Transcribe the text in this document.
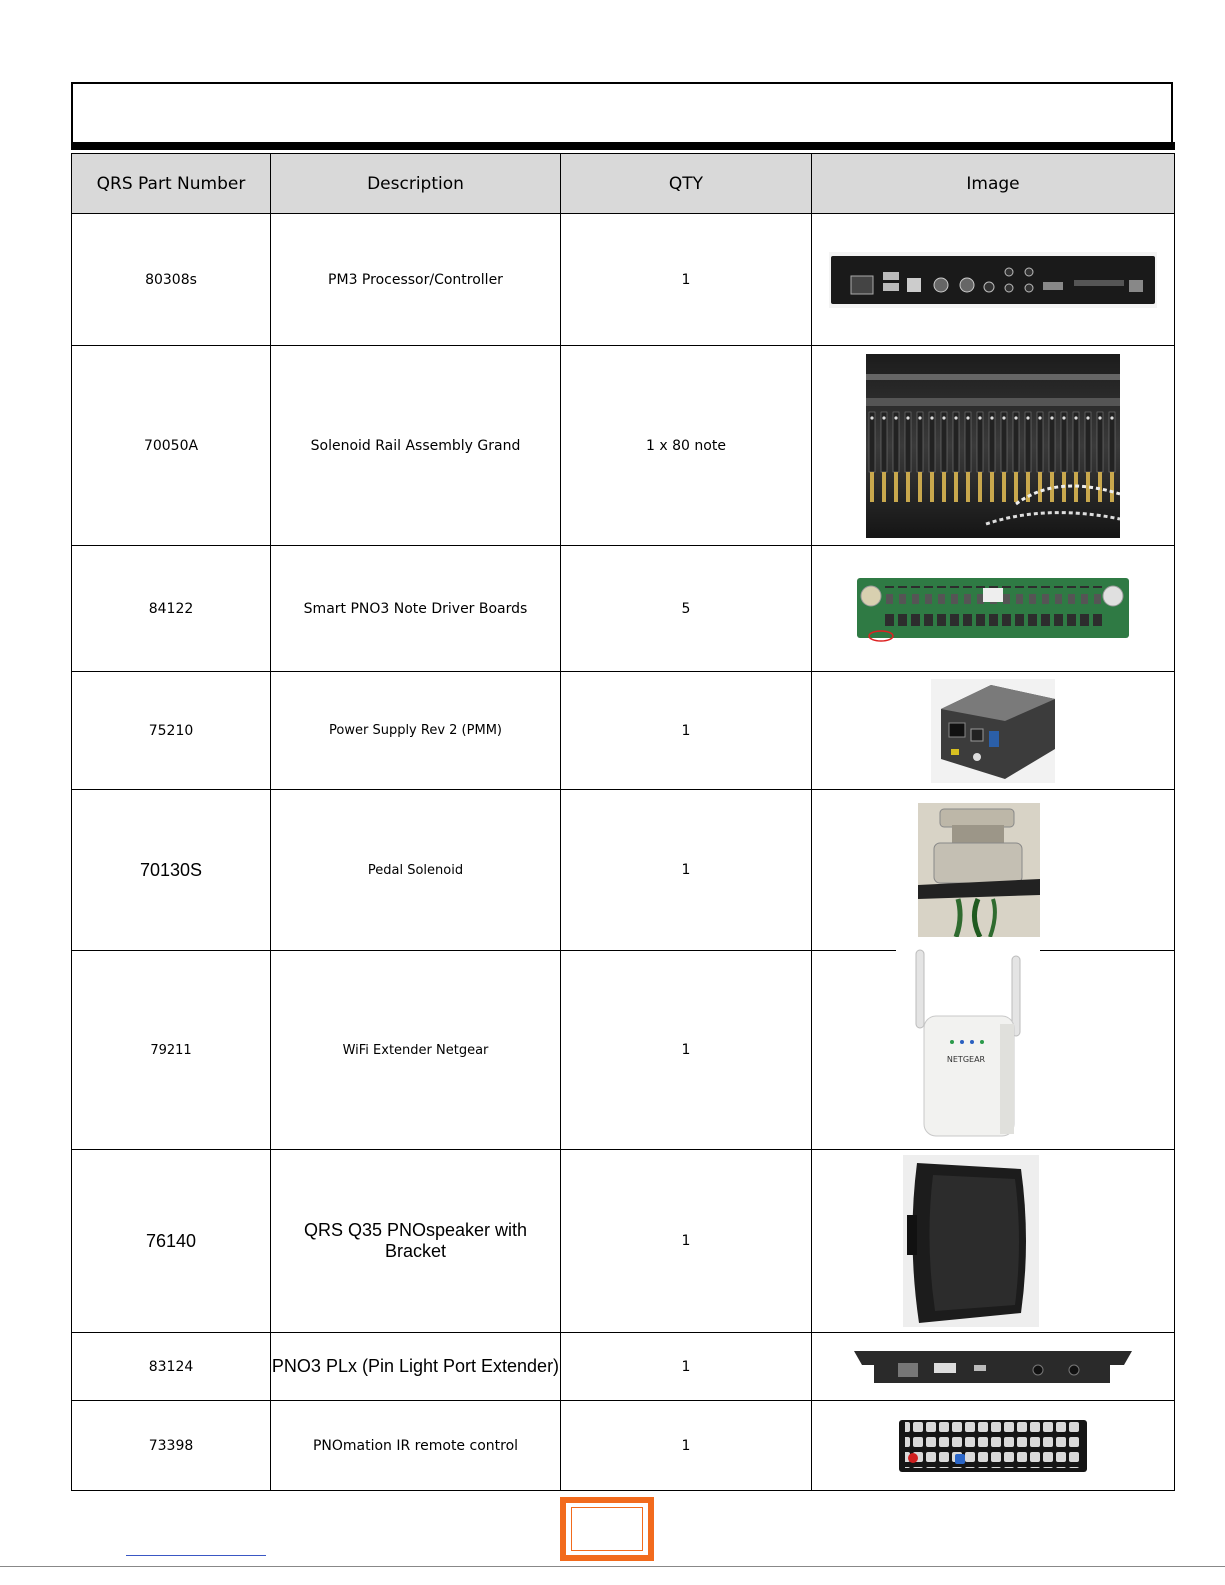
QRS Part Number	Description	QTY	Image
80308s	PM3 Processor/Controller	1	

70050A	Solenoid Rail Assembly Grand	1 x 80 note	

84122	Smart PNO3 Note Driver Boards	5	

75210	Power Supply Rev 2 (PMM)	1	

70130S	Pedal Solenoid	1	

79211	WiFi Extender Netgear	1	NETGEAR

76140	QRS Q35 PNOspeaker with Bracket	1	

83124	PNO3 PLx (Pin Light Port Extender)	1	

73398	PNOmation IR remote control	1	
